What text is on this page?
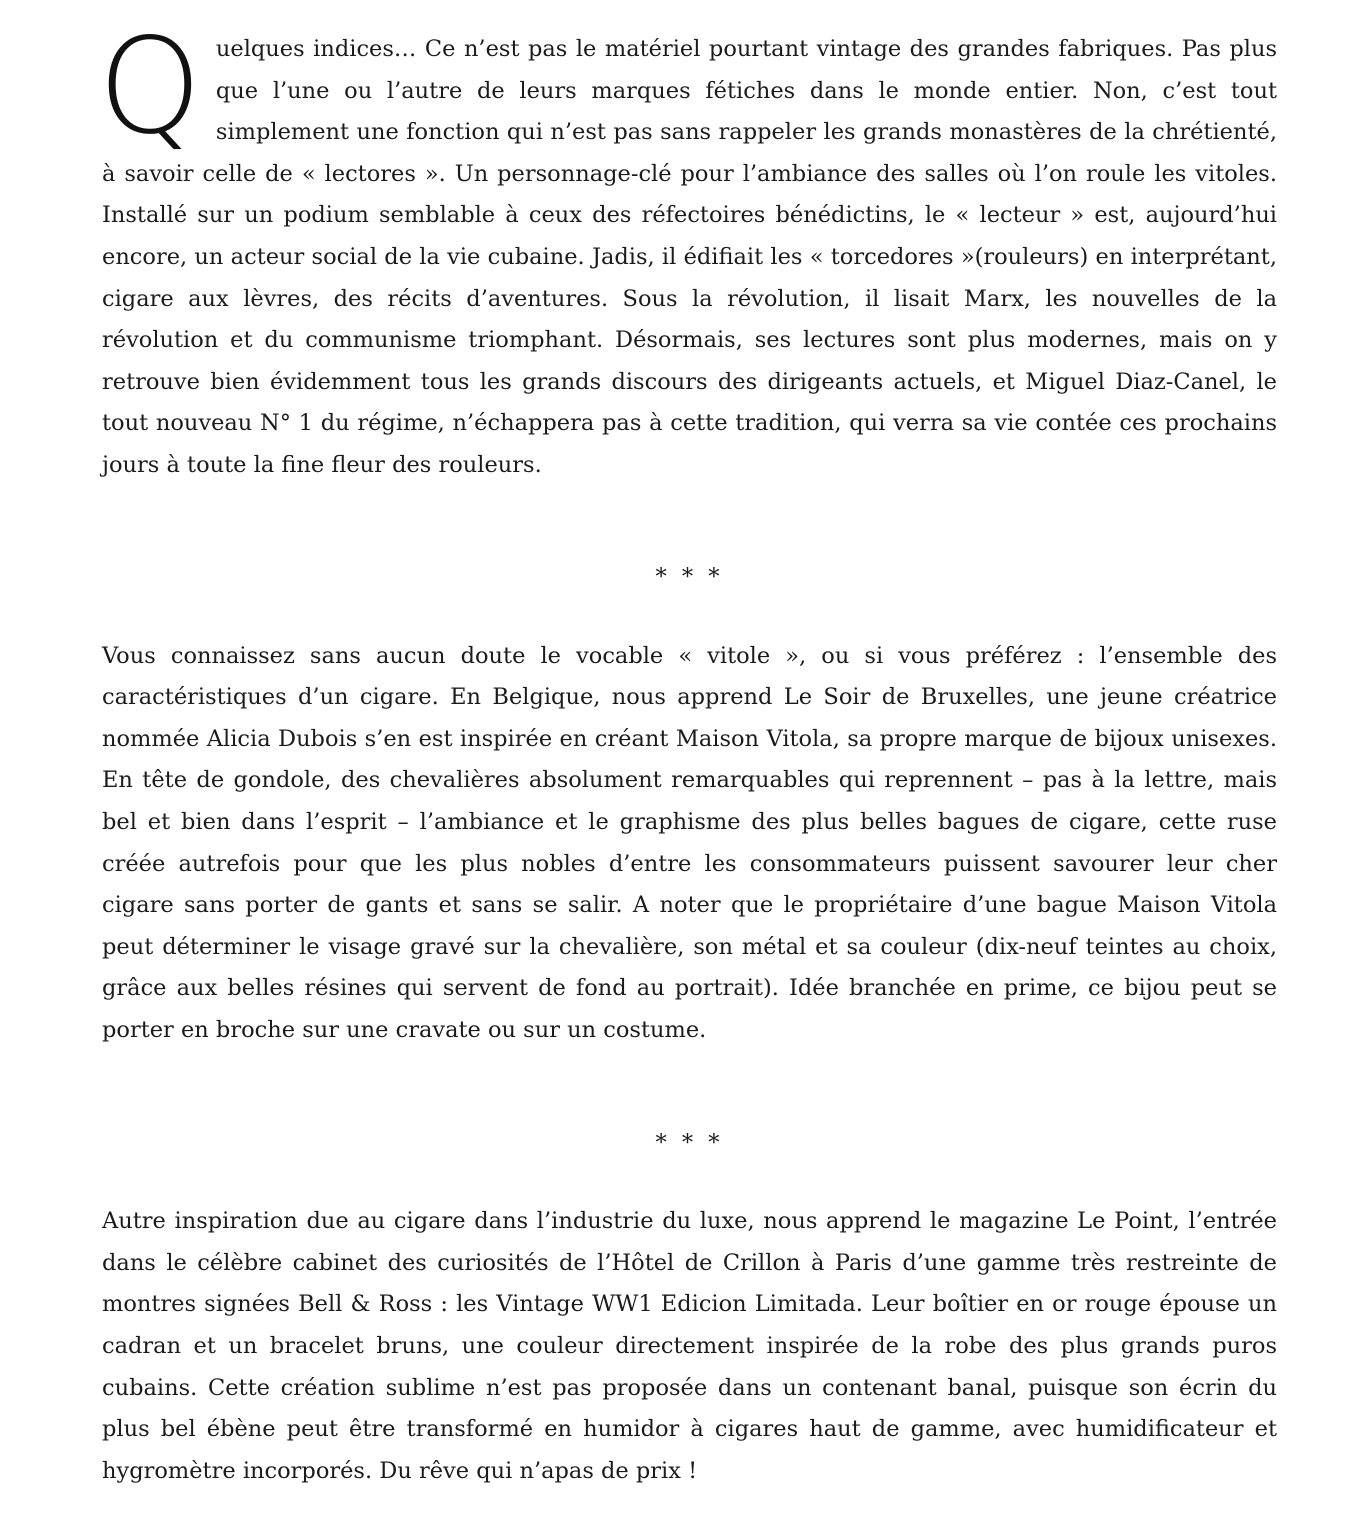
Quelques indices… Ce n’est pas le matériel pourtant vintage des grandes fabriques. Pas plus que l’une ou l’autre de leurs marques fétiches dans le monde entier. Non, c’est tout simplement une fonction qui n’est pas sans rappeler les grands monastères de la chrétienté, à savoir celle de « lectores ». Un personnage-clé pour l’ambiance des salles où l’on roule les vitoles. Installé sur un podium semblable à ceux des réfectoires bénédictins, le « lecteur » est, aujourd’hui encore, un acteur social de la vie cubaine. Jadis, il édifiait les « torcedores »(rouleurs) en interprétant, cigare aux lèvres, des récits d’aventures. Sous la révolution, il lisait Marx, les nouvelles de la révolution et du communisme triomphant. Désormais, ses lectures sont plus modernes, mais on y retrouve bien évidemment tous les grands discours des dirigeants actuels, et Miguel Diaz-Canel, le tout nouveau N° 1 du régime, n’échappera pas à cette tradition, qui verra sa vie contée ces prochains jours à toute la fine fleur des rouleurs.

* * *

Vous connaissez sans aucun doute le vocable « vitole », ou si vous préférez : l’ensemble des caractéristiques d’un cigare. En Belgique, nous apprend Le Soir de Bruxelles, une jeune créatrice nommée Alicia Dubois s’en est inspirée en créant Maison Vitola, sa propre marque de bijoux unisexes. En tête de gondole, des chevalières absolument remarquables qui reprennent – pas à la lettre, mais bel et bien dans l’esprit – l’ambiance et le graphisme des plus belles bagues de cigare, cette ruse créée autrefois pour que les plus nobles d’entre les consommateurs puissent savourer leur cher cigare sans porter de gants et sans se salir. A noter que le propriétaire d’une bague Maison Vitola peut déterminer le visage gravé sur la chevalière, son métal et sa couleur (dix-neuf teintes au choix, grâce aux belles résines qui servent de fond au portrait). Idée branchée en prime, ce bijou peut se porter en broche sur une cravate ou sur un costume.

* * *

Autre inspiration due au cigare dans l’industrie du luxe, nous apprend le magazine Le Point, l’entrée dans le célèbre cabinet des curiosités de l’Hôtel de Crillon à Paris d’une gamme très restreinte de montres signées Bell & Ross : les Vintage WW1 Edicion Limitada. Leur boîtier en or rouge épouse un cadran et un bracelet bruns, une couleur directement inspirée de la robe des plus grands puros cubains. Cette création sublime n’est pas proposée dans un contenant banal, puisque son écrin du plus bel ébène peut être transformé en humidor à cigares haut de gamme, avec humidificateur et hygromètre incorporés. Du rêve qui n’apas de prix !
